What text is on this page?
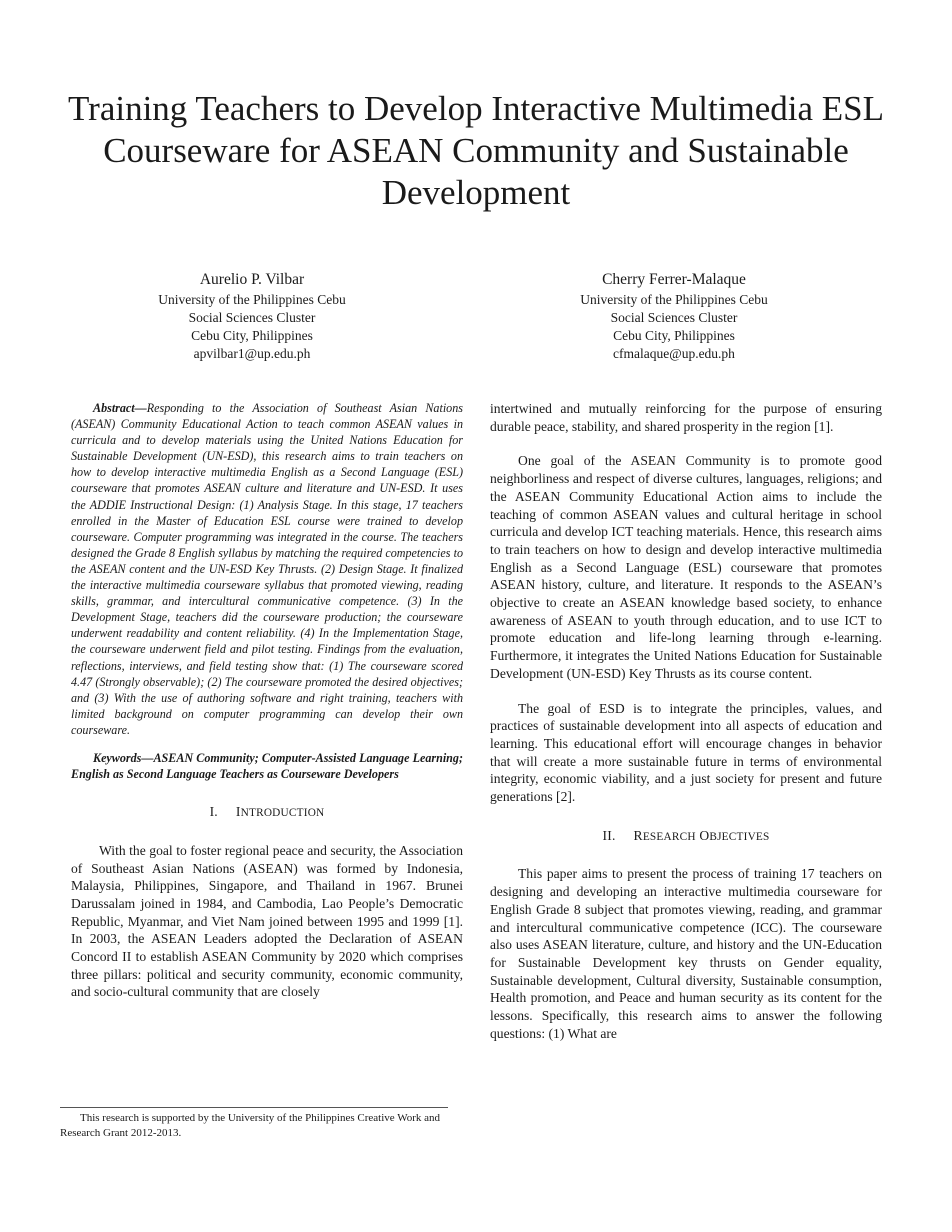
Training Teachers to Develop Interactive Multimedia ESL Courseware for ASEAN Community and Sustainable Development
Aurelio P. Vilbar
University of the Philippines Cebu
Social Sciences Cluster
Cebu City, Philippines
apvilbar1@up.edu.ph
Cherry Ferrer-Malaque
University of the Philippines Cebu
Social Sciences Cluster
Cebu City, Philippines
cfmalaque@up.edu.ph

Abstract—Responding to the Association of Southeast Asian Nations (ASEAN) Community Educational Action to teach common ASEAN values in curricula and to develop materials using the United Nations Education for Sustainable Development (UN-ESD), this research aims to train teachers on how to develop interactive multimedia English as a Second Language (ESL) courseware that promotes ASEAN culture and literature and UN-ESD. It uses the ADDIE Instructional Design: (1) Analysis Stage. In this stage, 17 teachers enrolled in the Master of Education ESL course were trained to develop courseware. Computer programming was integrated in the course. The teachers designed the Grade 8 English syllabus by matching the required competencies to the ASEAN content and the UN-ESD Key Thrusts. (2) Design Stage. It finalized the interactive multimedia courseware syllabus that promoted viewing, reading skills, grammar, and intercultural communicative competence. (3) In the Development Stage, teachers did the courseware production; the courseware underwent readability and content reliability. (4) In the Implementation Stage, the courseware underwent field and pilot testing. Findings from the evaluation, reflections, interviews, and field testing show that: (1) The courseware scored 4.47 (Strongly observable); (2) The courseware promoted the desired objectives; and (3) With the use of authoring software and right training, teachers with limited background on computer programming can develop their own courseware.

Keywords—ASEAN Community; Computer-Assisted Language Learning; English as Second Language Teachers as Courseware Developers

I. INTRODUCTION

With the goal to foster regional peace and security, the Association of Southeast Asian Nations (ASEAN) was formed by Indonesia, Malaysia, Philippines, Singapore, and Thailand in 1967. Brunei Darussalam joined in 1984, and Cambodia, Lao People’s Democratic Republic, Myanmar, and Viet Nam joined between 1995 and 1999 [1]. In 2003, the ASEAN Leaders adopted the Declaration of ASEAN Concord II to establish ASEAN Community by 2020 which comprises three pillars: political and security community, economic community, and socio-cultural community that are closely

intertwined and mutually reinforcing for the purpose of ensuring durable peace, stability, and shared prosperity in the region [1].

One goal of the ASEAN Community is to promote good neighborliness and respect of diverse cultures, languages, religions; and the ASEAN Community Educational Action aims to include the teaching of common ASEAN values and cultural heritage in school curricula and develop ICT teaching materials. Hence, this research aims to train teachers on how to design and develop interactive multimedia English as a Second Language (ESL) courseware that promotes ASEAN history, culture, and literature. It responds to the ASEAN’s objective to create an ASEAN knowledge based society, to enhance awareness of ASEAN to youth through education, and to use ICT to promote education and life-long learning through e-learning. Furthermore, it integrates the United Nations Education for Sustainable Development (UN-ESD) Key Thrusts as its course content.

The goal of ESD is to integrate the principles, values, and practices of sustainable development into all aspects of education and learning. This educational effort will encourage changes in behavior that will create a more sustainable future in terms of environmental integrity, economic viability, and a just society for present and future generations [2].

II. RESEARCH OBJECTIVES

This paper aims to present the process of training 17 teachers on designing and developing an interactive multimedia courseware for English Grade 8 subject that promotes viewing, reading, and grammar and intercultural communicative competence (ICC). The courseware also uses ASEAN literature, culture, and history and the UN-Education for Sustainable Development key thrusts on Gender equality, Sustainable development, Cultural diversity, Sustainable consumption, Health promotion, and Peace and human security as its content for the lessons. Specifically, this research aims to answer the following questions: (1) What are

This research is supported by the University of the Philippines Creative Work and Research Grant 2012-2013.
